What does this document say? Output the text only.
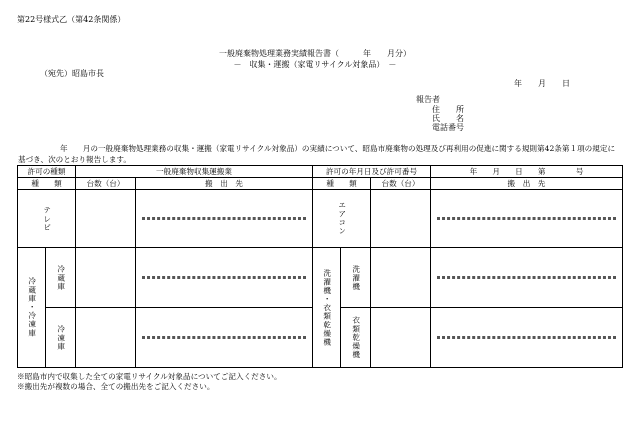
第22号様式乙（第42条関係）
一般廃棄物処理業務実績報告書（　　　年　　月分）
－　収集・運搬（家電リサイクル対象品）　－
（宛先）昭島市長
年　　月　　日
報告者
住　　所
氏　　名
電話番号
年　　月の一般廃棄物処理業務の収集・運搬（家電リサイクル対象品）の実績について、昭島市廃棄物の処理及び再利用の促進に関する規則第42条第１項の規定に基づき、次のとおり報告します。
許可の種類		一般廃棄物収集運搬業		許可の年月日及び許可番号			年　　月　　日　　第　　　　号
種　　類		台数（台）	搬　出　先	種　　類		台数（台）	搬　出　先

テレビ				エアコン			

冷蔵庫・冷凍庫	冷蔵庫			洗濯機・衣類乾燥機	洗濯機		

	冷凍庫				衣類乾燥機		

※昭島市内で収集した全ての家電リサイクル対象品についてご記入ください。
※搬出先が複数の場合、全ての搬出先をご記入ください。
